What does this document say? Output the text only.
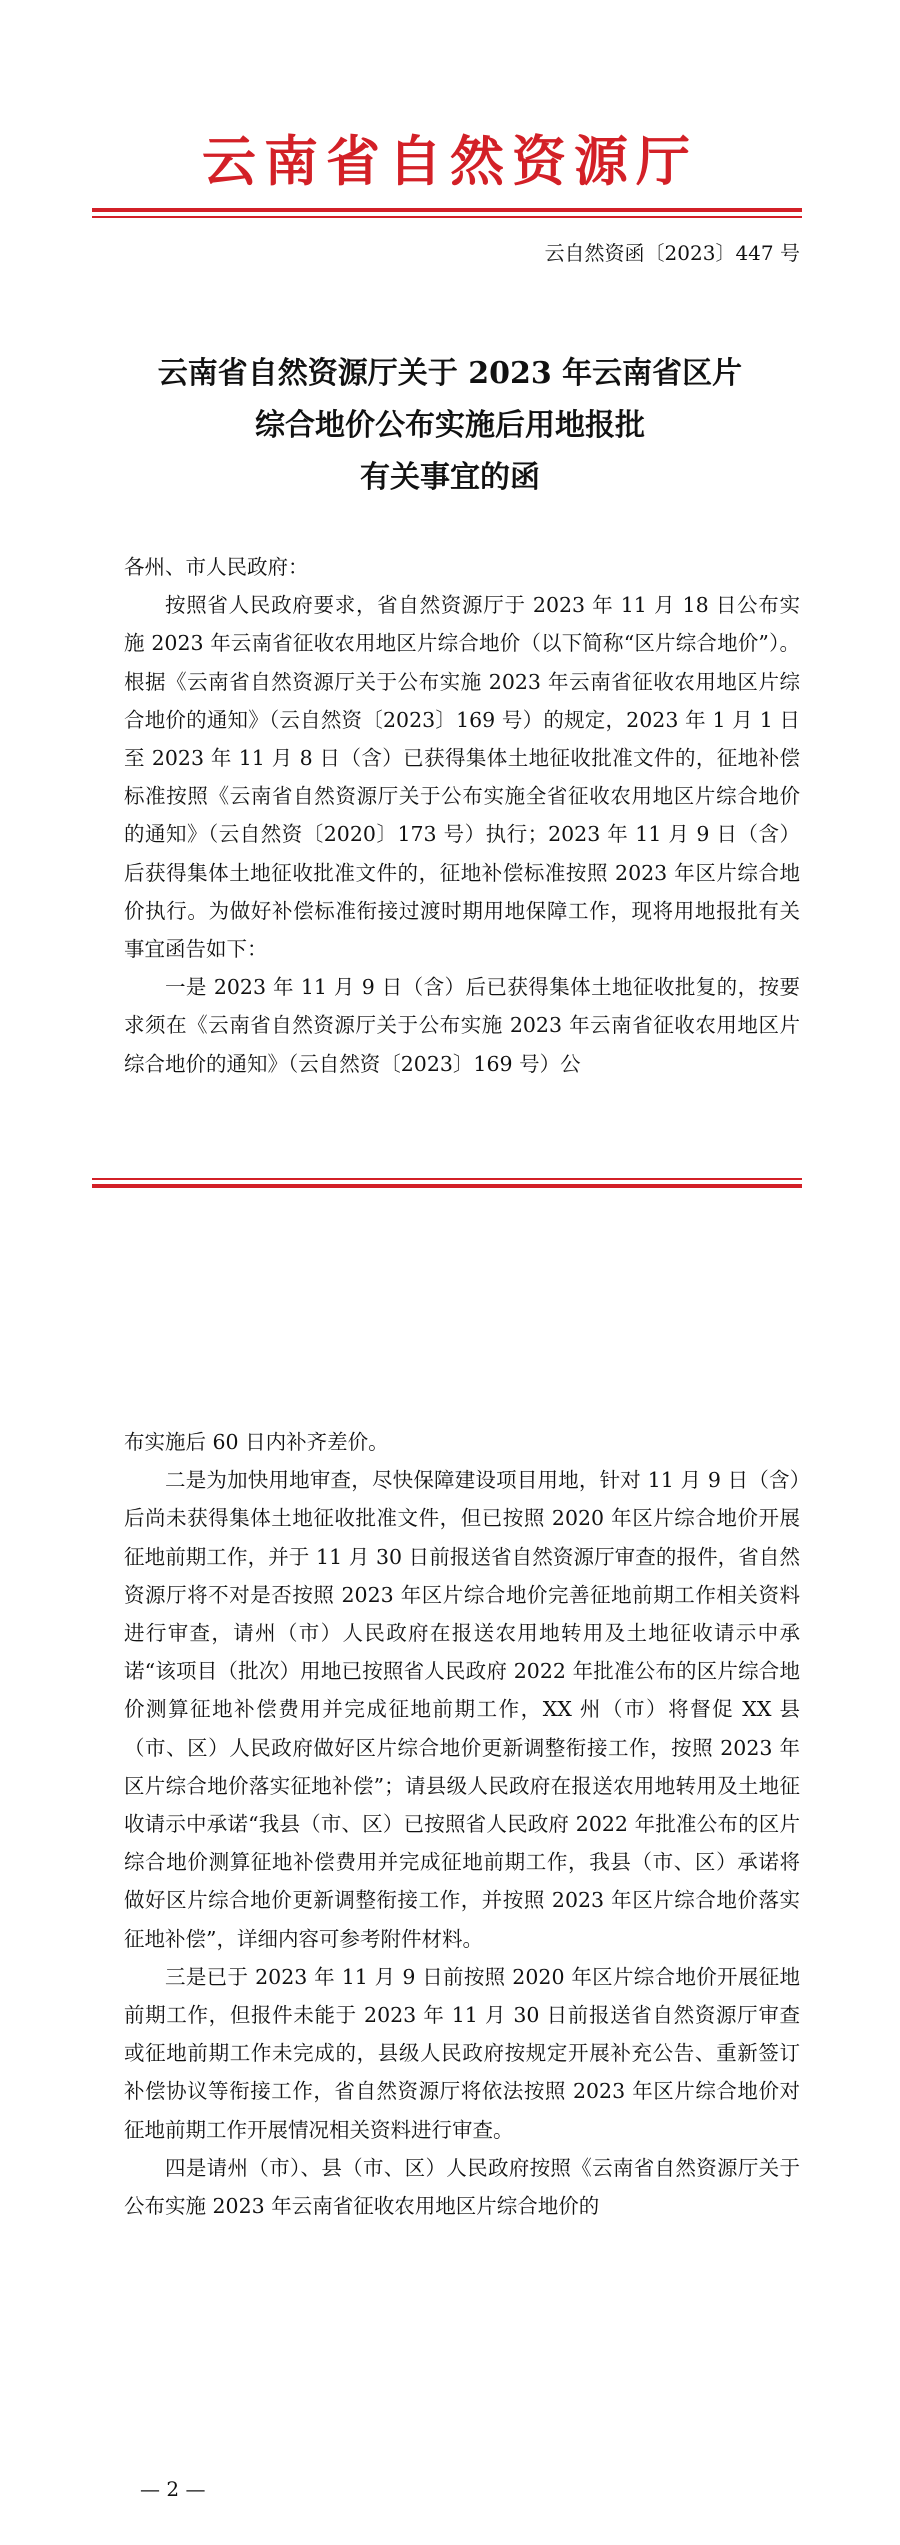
云南省自然资源厅
云自然资函〔2023〕447 号
云南省自然资源厅关于 2023 年云南省区片
综合地价公布实施后用地报批
有关事宜的函

各州、市人民政府：

按照省人民政府要求，省自然资源厅于 2023 年 11 月 18 日公布实施 2023 年云南省征收农用地区片综合地价（以下简称“区片综合地价”）。根据《云南省自然资源厅关于公布实施 2023 年云南省征收农用地区片综合地价的通知》（云自然资〔2023〕169 号）的规定，2023 年 1 月 1 日至 2023 年 11 月 8 日（含）已获得集体土地征收批准文件的，征地补偿标准按照《云南省自然资源厅关于公布实施全省征收农用地区片综合地价的通知》（云自然资〔2020〕173 号）执行；2023 年 11 月 9 日（含）后获得集体土地征收批准文件的，征地补偿标准按照 2023 年区片综合地价执行。为做好补偿标准衔接过渡时期用地保障工作，现将用地报批有关事宜函告如下：

一是 2023 年 11 月 9 日（含）后已获得集体土地征收批复的，按要求须在《云南省自然资源厅关于公布实施 2023 年云南省征收农用地区片综合地价的通知》（云自然资〔2023〕169 号）公

布实施后 60 日内补齐差价。

二是为加快用地审查，尽快保障建设项目用地，针对 11 月 9 日（含）后尚未获得集体土地征收批准文件，但已按照 2020 年区片综合地价开展征地前期工作，并于 11 月 30 日前报送省自然资源厅审查的报件，省自然资源厅将不对是否按照 2023 年区片综合地价完善征地前期工作相关资料进行审查，请州（市）人民政府在报送农用地转用及土地征收请示中承诺“该项目（批次）用地已按照省人民政府 2022 年批准公布的区片综合地价测算征地补偿费用并完成征地前期工作，XX 州（市）将督促 XX 县（市、区）人民政府做好区片综合地价更新调整衔接工作，按照 2023 年区片综合地价落实征地补偿”；请县级人民政府在报送农用地转用及土地征收请示中承诺“我县（市、区）已按照省人民政府 2022 年批准公布的区片综合地价测算征地补偿费用并完成征地前期工作，我县（市、区）承诺将做好区片综合地价更新调整衔接工作，并按照 2023 年区片综合地价落实征地补偿”，详细内容可参考附件材料。

三是已于 2023 年 11 月 9 日前按照 2020 年区片综合地价开展征地前期工作，但报件未能于 2023 年 11 月 30 日前报送省自然资源厅审查或征地前期工作未完成的，县级人民政府按规定开展补充公告、重新签订补偿协议等衔接工作，省自然资源厅将依法按照 2023 年区片综合地价对征地前期工作开展情况相关资料进行审查。

四是请州（市）、县（市、区）人民政府按照《云南省自然资源厅关于公布实施 2023 年云南省征收农用地区片综合地价的

— 2 —
